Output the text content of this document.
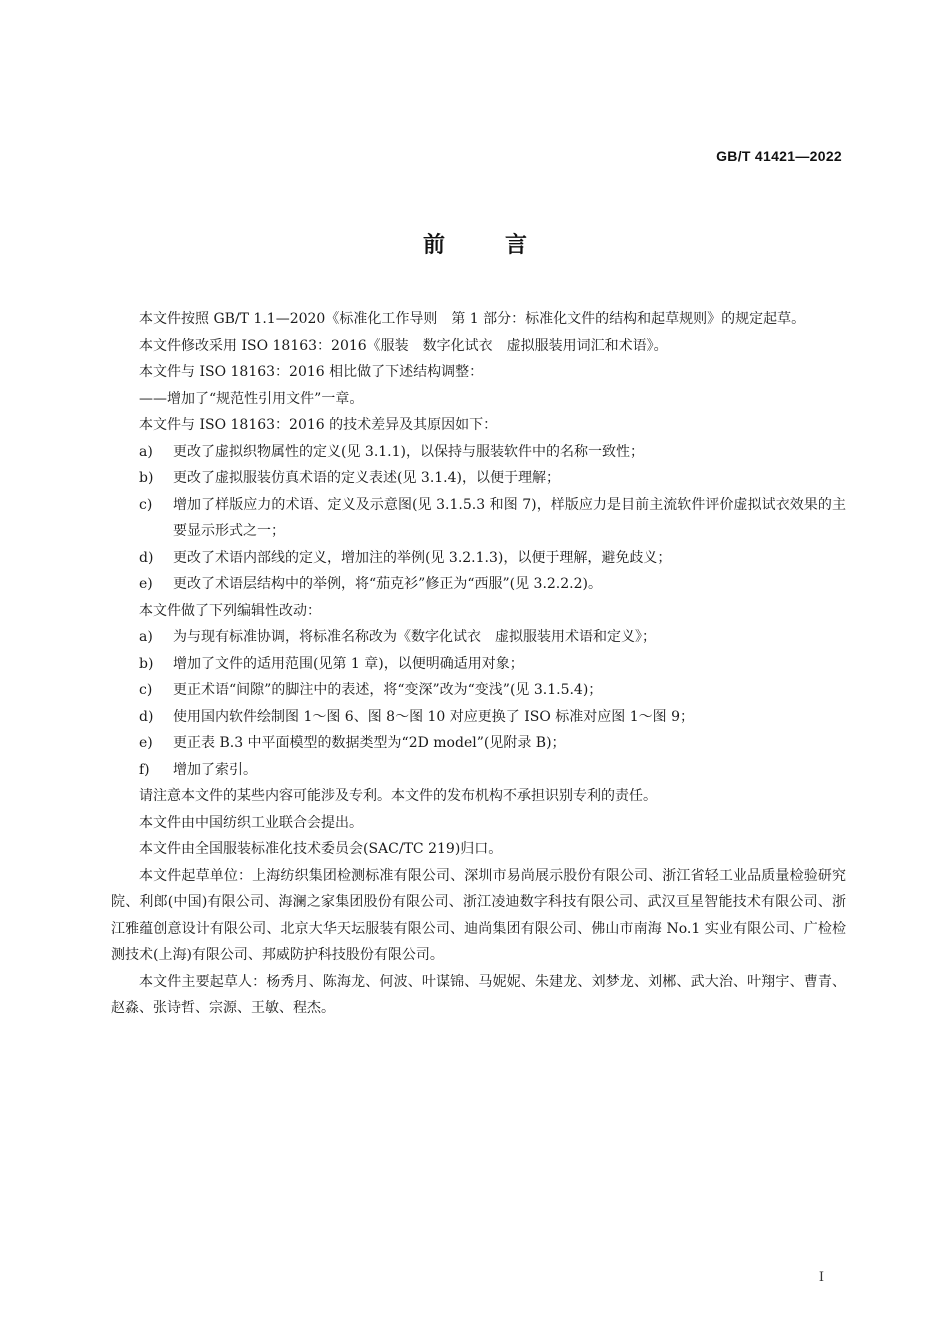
GB/T 41421—2022
前言

本文件按照 GB/T 1.1—2020《标准化工作导则　第 1 部分：标准化文件的结构和起草规则》的规定起草。

本文件修改采用 ISO 18163：2016《服装　数字化试衣　虚拟服装用词汇和术语》。

本文件与 ISO 18163：2016 相比做了下述结构调整：

——增加了“规范性引用文件”一章。

本文件与 ISO 18163：2016 的技术差异及其原因如下：

a) 更改了虚拟织物属性的定义(见 3.1.1)，以保持与服装软件中的名称一致性；
b) 更改了虚拟服装仿真术语的定义表述(见 3.1.4)，以便于理解；
c) 增加了样版应力的术语、定义及示意图(见 3.1.5.3 和图 7)，样版应力是目前主流软件评价虚拟试衣效果的主要显示形式之一；
d) 更改了术语内部线的定义，增加注的举例(见 3.2.1.3)，以便于理解，避免歧义；
e) 更改了术语层结构中的举例，将“茄克衫”修正为“西服”(见 3.2.2.2)。

本文件做了下列编辑性改动：

a) 为与现有标准协调，将标准名称改为《数字化试衣　虚拟服装用术语和定义》；
b) 增加了文件的适用范围(见第 1 章)，以便明确适用对象；
c) 更正术语“间隙”的脚注中的表述，将“变深”改为“变浅”(见 3.1.5.4)；
d) 使用国内软件绘制图 1～图 6、图 8～图 10 对应更换了 ISO 标准对应图 1～图 9；
e) 更正表 B.3 中平面模型的数据类型为“2D model”(见附录 B)；
f) 增加了索引。

请注意本文件的某些内容可能涉及专利。本文件的发布机构不承担识别专利的责任。

本文件由中国纺织工业联合会提出。

本文件由全国服装标准化技术委员会(SAC/TC 219)归口。

本文件起草单位：上海纺织集团检测标准有限公司、深圳市易尚展示股份有限公司、浙江省轻工业品质量检验研究院、利郎(中国)有限公司、海澜之家集团股份有限公司、浙江凌迪数字科技有限公司、武汉亘星智能技术有限公司、浙江雅蕴创意设计有限公司、北京大华天坛服装有限公司、迪尚集团有限公司、佛山市南海 No.1 实业有限公司、广检检测技术(上海)有限公司、邦威防护科技股份有限公司。

本文件主要起草人：杨秀月、陈海龙、何波、叶谋锦、马妮妮、朱建龙、刘梦龙、刘郴、武大治、叶翔宇、曹青、赵淼、张诗哲、宗源、王敏、程杰。

I
